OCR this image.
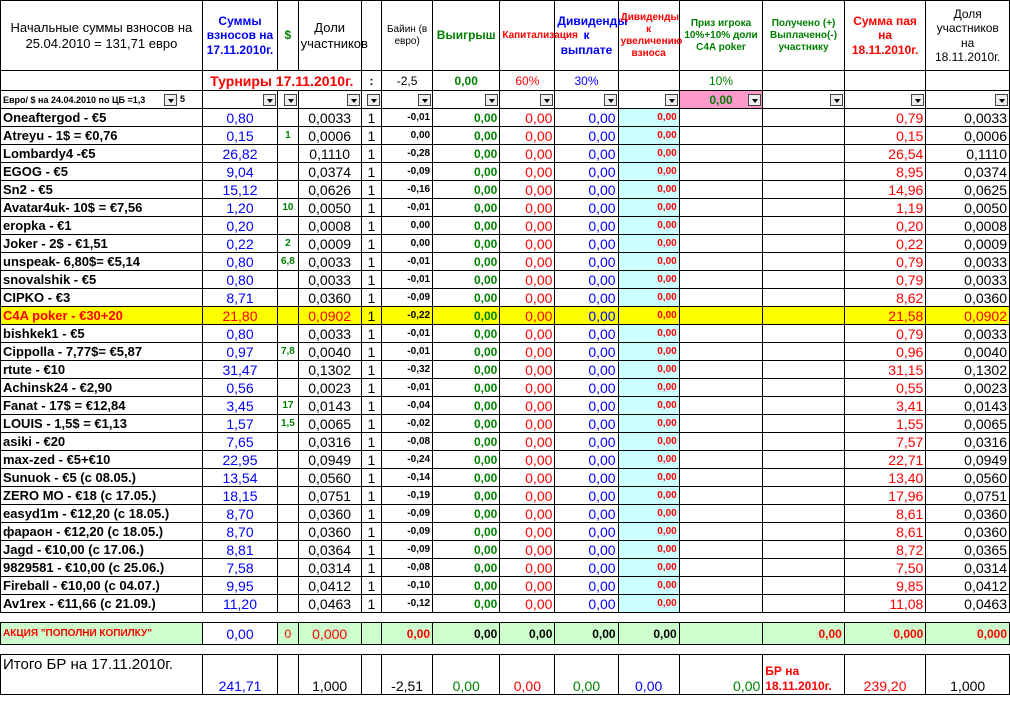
Начальные суммы взносов на 25.04.2010 = 131,71 евро	Суммы взносов на 17.11.2010г.	$	Доли участников		Байин (в евро)	Выигрыш	Капитализация	Дивиденды к выплате	Дивиденды к увеличению взноса	Приз игрока 10%+10% доли C4A poker	Получено (+) Выплачено(-) участнику	Сумма пая на 18.11.2010г.	Доля участников на 18.11.2010г.
	Турниры 17.11.2010г.			:	-2,5	0,00	60%	30%		10%			
Евро/ $ на 24.04.2010 по ЦБ =1,3 5										0,00

Oneaftergod - €5	0,80		0,0033	1	-0,01	0,00	0,00	0,00	0,00			0,79	0,0033
Atreyu - 1$ = €0,76	0,15	1	0,0006	1	0,00	0,00	0,00	0,00	0,00			0,15	0,0006
Lombardy4 -€5	26,82		0,1110	1	-0,28	0,00	0,00	0,00	0,00			26,54	0,1110
EGOG - €5	9,04		0,0374	1	-0,09	0,00	0,00	0,00	0,00			8,95	0,0374
Sn2 - €5	15,12		0,0626	1	-0,16	0,00	0,00	0,00	0,00			14,96	0,0625
Avatar4uk- 10$ = €7,56	1,20	10	0,0050	1	-0,01	0,00	0,00	0,00	0,00			1,19	0,0050
eropka - €1	0,20		0,0008	1	0,00	0,00	0,00	0,00	0,00			0,20	0,0008
Joker - 2$ - €1,51	0,22	2	0,0009	1	0,00	0,00	0,00	0,00	0,00			0,22	0,0009
unspeak- 6,80$= €5,14	0,80	6,8	0,0033	1	-0,01	0,00	0,00	0,00	0,00			0,79	0,0033
snovalshik - €5	0,80		0,0033	1	-0,01	0,00	0,00	0,00	0,00			0,79	0,0033
CIPKO - €3	8,71		0,0360	1	-0,09	0,00	0,00	0,00	0,00			8,62	0,0360
C4A poker - €30+20	21,80		0,0902	1	-0,22	0,00	0,00	0,00	0,00			21,58	0,0902
bishkek1 - €5	0,80		0,0033	1	-0,01	0,00	0,00	0,00	0,00			0,79	0,0033
Cippolla - 7,77$= €5,87	0,97	7,8	0,0040	1	-0,01	0,00	0,00	0,00	0,00			0,96	0,0040
rtute - €10	31,47		0,1302	1	-0,32	0,00	0,00	0,00	0,00			31,15	0,1302
Achinsk24 - €2,90	0,56		0,0023	1	-0,01	0,00	0,00	0,00	0,00			0,55	0,0023
Fanat - 17$ = €12,84	3,45	17	0,0143	1	-0,04	0,00	0,00	0,00	0,00			3,41	0,0143
LOUIS - 1,5$ = €1,13	1,57	1,5	0,0065	1	-0,02	0,00	0,00	0,00	0,00			1,55	0,0065
asiki - €20	7,65		0,0316	1	-0,08	0,00	0,00	0,00	0,00			7,57	0,0316
max-zed - €5+€10	22,95		0,0949	1	-0,24	0,00	0,00	0,00	0,00			22,71	0,0949
Sunuok - €5 (с 08.05.)	13,54		0,0560	1	-0,14	0,00	0,00	0,00	0,00			13,40	0,0560
ZERO MO - €18 (с 17.05.)	18,15		0,0751	1	-0,19	0,00	0,00	0,00	0,00			17,96	0,0751
easyd1m - €12,20 (с 18.05.)	8,70		0,0360	1	-0,09	0,00	0,00	0,00	0,00			8,61	0,0360
фараон - €12,20 (с 18.05.)	8,70		0,0360	1	-0,09	0,00	0,00	0,00	0,00			8,61	0,0360
Jagd - €10,00 (с 17.06.)	8,81		0,0364	1	-0,09	0,00	0,00	0,00	0,00			8,72	0,0365
9829581 - €10,00 (с 25.06.)	7,58		0,0314	1	-0,08	0,00	0,00	0,00	0,00			7,50	0,0314
Fireball - €10,00 (с 04.07.)	9,95		0,0412	1	-0,10	0,00	0,00	0,00	0,00			9,85	0,0412
Av1rex - €11,66 (с 21.09.)	11,20		0,0463	1	-0,12	0,00	0,00	0,00	0,00			11,08	0,0463

АКЦИЯ "ПОПОЛНИ КОПИЛКУ"	0,00	0	0,000		0,00	0,00	0,00	0,00	0,00		0,00	0,000	0,000

Итого БР на 17.11.2010г.	241,71		1,000		-2,51	0,00	0,00	0,00	0,00	0,00	БР на 18.11.2010г.	239,20	1,000
